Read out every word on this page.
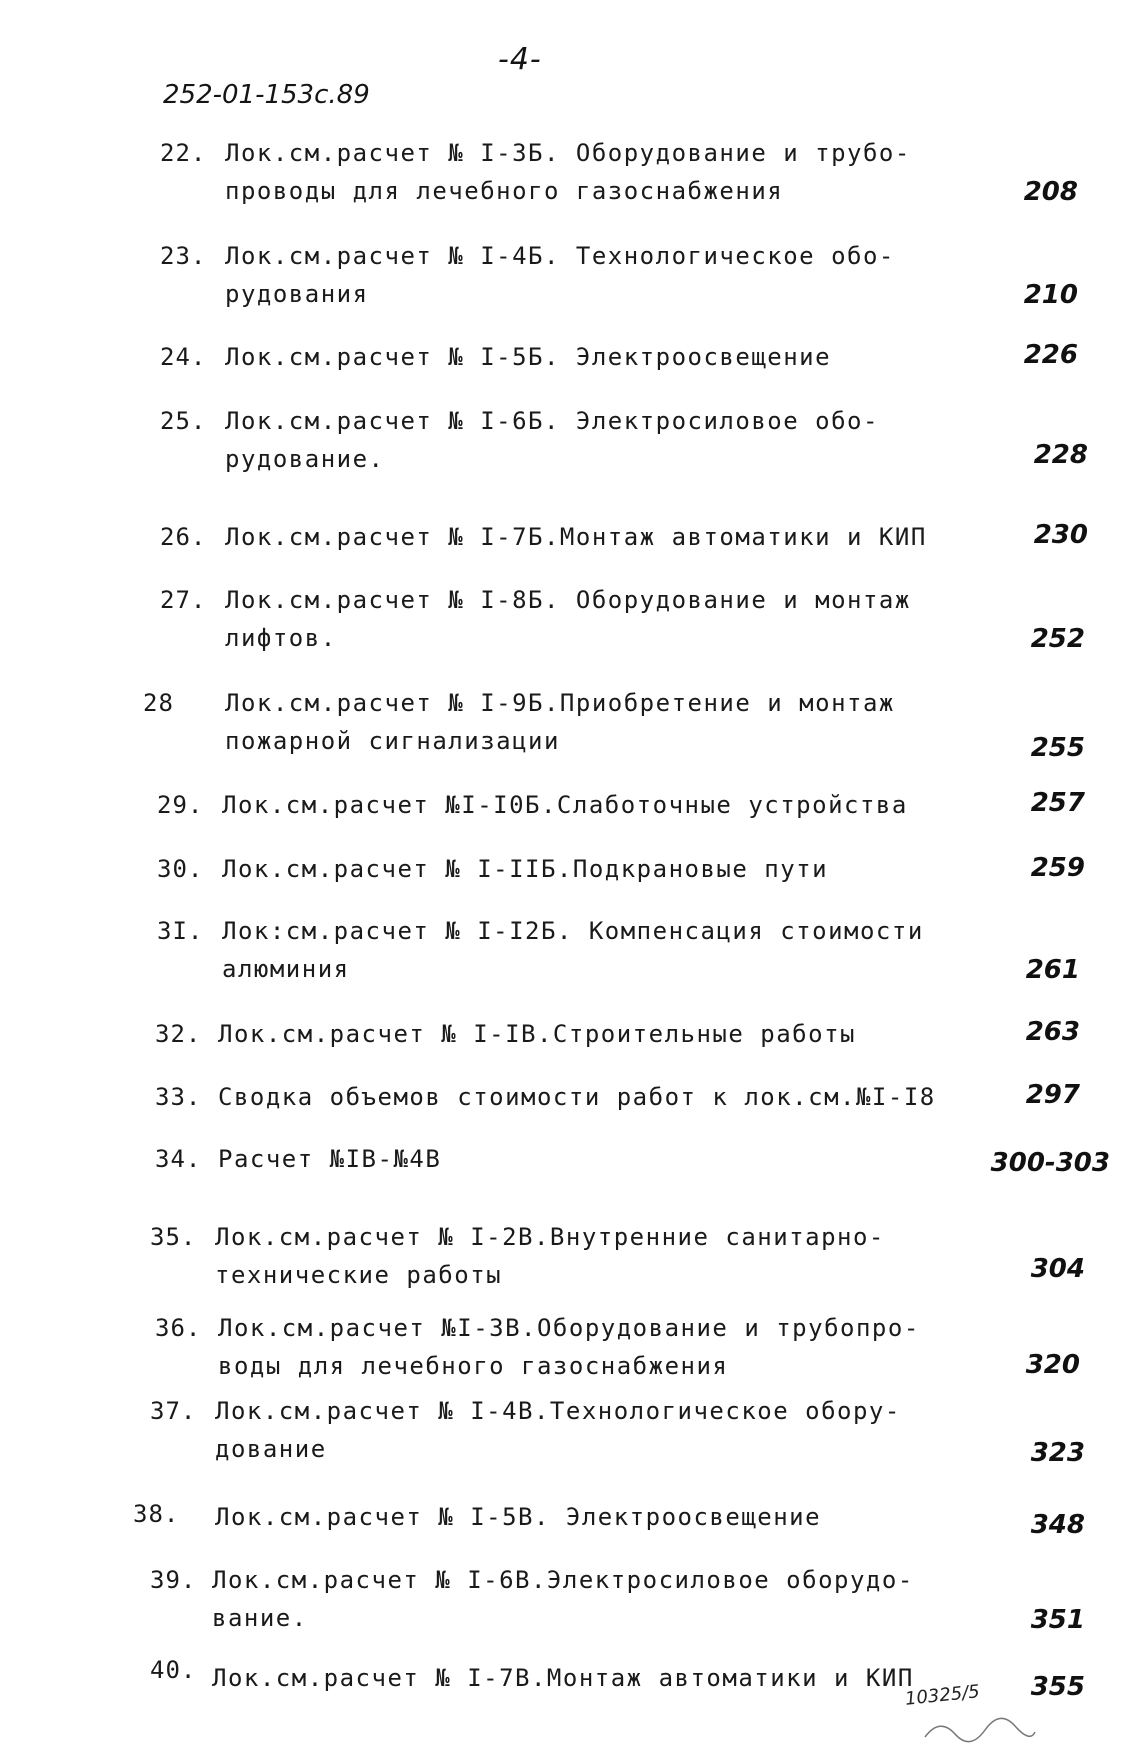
-4-
252-01-153c.89
22. Лок.см.расчет № I-3Б. Оборудование и трубо-
проводы для лечебного газоснабжения	208
23. Лок.см.расчет № I-4Б. Технологическое обо-
рудования	210
24. Лок.см.расчет № I-5Б. Электроосвещение	226
25. Лок.см.расчет № I-6Б. Электросиловое обо-
рудование.	228
26. Лок.см.расчет № I-7Б.Монтаж автоматики и КИП	230
27. Лок.см.расчет № I-8Б. Оборудование и монтаж
лифтов.	252
28 Лок.см.расчет № I-9Б.Приобретение и монтаж
пожарной сигнализации	255
29. Лок.см.расчет №I-I0Б.Слаботочные устройства	257
30. Лок.см.расчет № I-IIБ.Подкрановые пути	259
3I. Лок:см.расчет № I-I2Б. Компенсация стоимости
алюминия	261
32. Лок.см.расчет № I-IВ.Строительные работы	263
33. Сводка объемов стоимости работ к лок.см.№I-I8	297
34. Расчет №IВ-№4В	300-303
35. Лок.см.расчет № I-2В.Внутренние санитарно-
технические работы	304
36. Лок.см.расчет №I-3В.Оборудование и трубопро-
воды для лечебного газоснабжения	320
37. Лок.см.расчет № I-4В.Технологическое обору-
дование	323
38. Лок.см.расчет № I-5В. Электроосвещение	348
39. Лок.см.расчет № I-6В.Электросиловое оборудо-
вание.	351
40. Лок.см.расчет № I-7В.Монтаж автоматики и КИП	355
10325/5
